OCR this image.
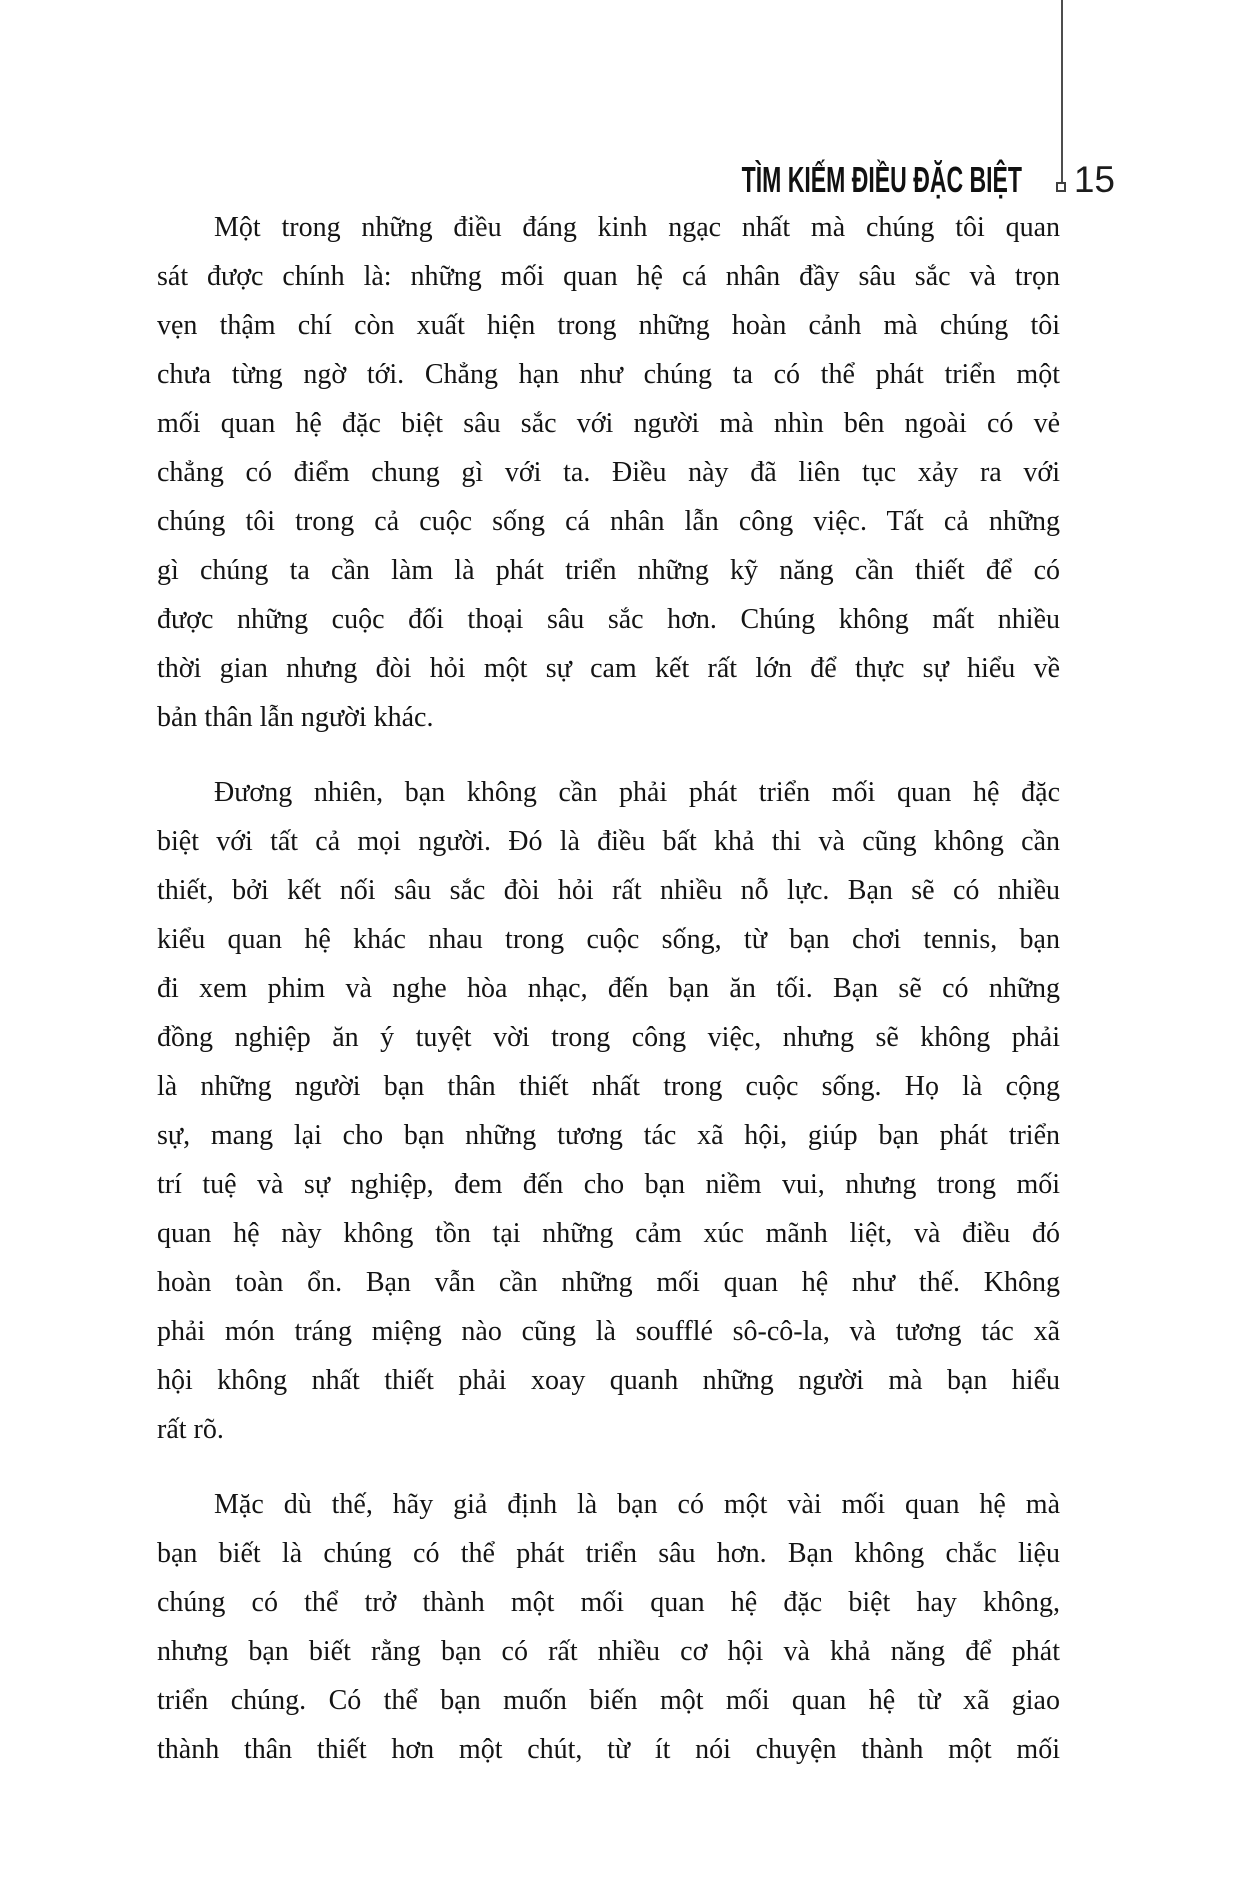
TÌM KIẾM ĐIỀU ĐẶC BIỆT 15
Một trong những điều đáng kinh ngạc nhất mà chúng tôi quan
sát được chính là: những mối quan hệ cá nhân đầy sâu sắc và trọn
vẹn thậm chí còn xuất hiện trong những hoàn cảnh mà chúng tôi
chưa từng ngờ tới. Chẳng hạn như chúng ta có thể phát triển một
mối quan hệ đặc biệt sâu sắc với người mà nhìn bên ngoài có vẻ
chẳng có điểm chung gì với ta. Điều này đã liên tục xảy ra với
chúng tôi trong cả cuộc sống cá nhân lẫn công việc. Tất cả những
gì chúng ta cần làm là phát triển những kỹ năng cần thiết để có
được những cuộc đối thoại sâu sắc hơn. Chúng không mất nhiều
thời gian nhưng đòi hỏi một sự cam kết rất lớn để thực sự hiểu về
bản thân lẫn người khác.
Đương nhiên, bạn không cần phải phát triển mối quan hệ đặc
biệt với tất cả mọi người. Đó là điều bất khả thi và cũng không cần
thiết, bởi kết nối sâu sắc đòi hỏi rất nhiều nỗ lực. Bạn sẽ có nhiều
kiểu quan hệ khác nhau trong cuộc sống, từ bạn chơi tennis, bạn
đi xem phim và nghe hòa nhạc, đến bạn ăn tối. Bạn sẽ có những
đồng nghiệp ăn ý tuyệt vời trong công việc, nhưng sẽ không phải
là những người bạn thân thiết nhất trong cuộc sống. Họ là cộng
sự, mang lại cho bạn những tương tác xã hội, giúp bạn phát triển
trí tuệ và sự nghiệp, đem đến cho bạn niềm vui, nhưng trong mối
quan hệ này không tồn tại những cảm xúc mãnh liệt, và điều đó
hoàn toàn ổn. Bạn vẫn cần những mối quan hệ như thế. Không
phải món tráng miệng nào cũng là soufflé sô-cô-la, và tương tác xã
hội không nhất thiết phải xoay quanh những người mà bạn hiểu
rất rõ.
Mặc dù thế, hãy giả định là bạn có một vài mối quan hệ mà
bạn biết là chúng có thể phát triển sâu hơn. Bạn không chắc liệu
chúng có thể trở thành một mối quan hệ đặc biệt hay không,
nhưng bạn biết rằng bạn có rất nhiều cơ hội và khả năng để phát
triển chúng. Có thể bạn muốn biến một mối quan hệ từ xã giao
thành thân thiết hơn một chút, từ ít nói chuyện thành một mối
